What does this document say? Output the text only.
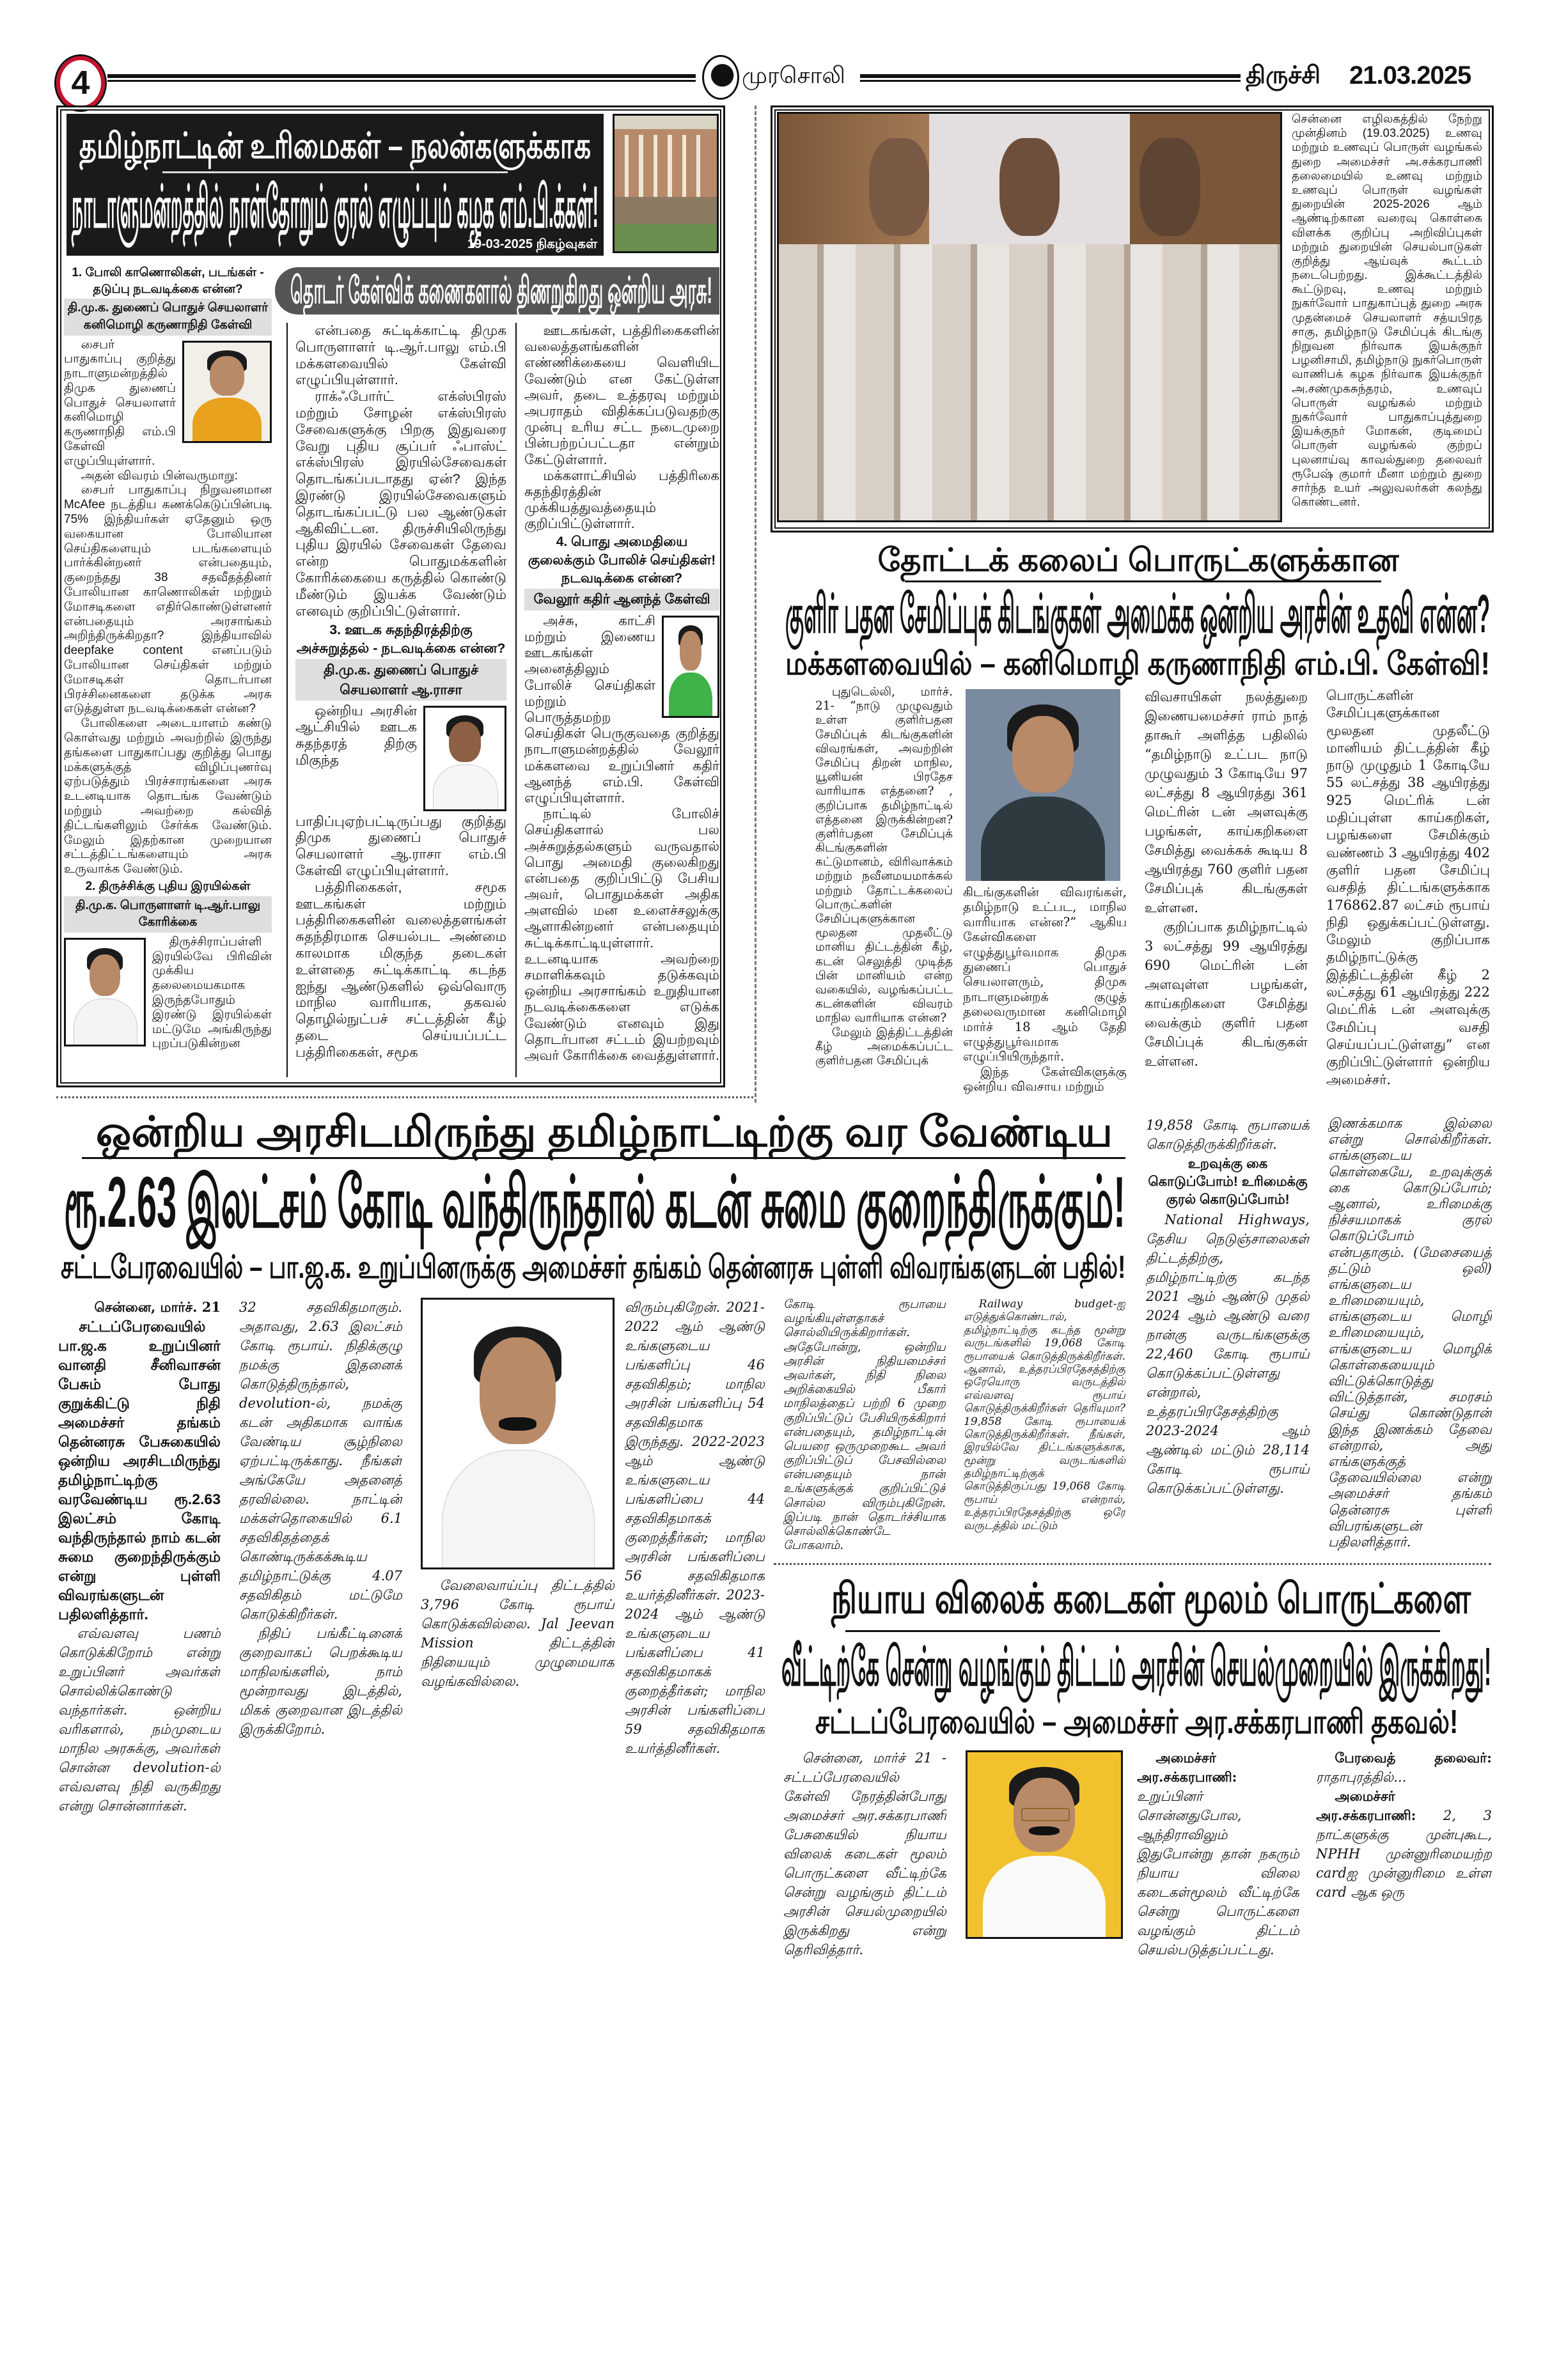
4	முரசொலி	திருச்சி 21.03.2025
தமிழ்நாட்டின் உரிமைகள் – நலன்களுக்காக
நாடாளுமன்றத்தில் நாள்தோறும் குரல் எழுப்பும் கழக எம்.பி.க்கள்!
19-03-2025 நிகழ்வுகள்
தொடர் கேள்விக் கணைகளால் திணறுகிறது ஒன்றிய அரசு!
1. போலி காணொலிகள், படங்கள் - தடுப்பு நடவடிக்கை என்ன?
தி.மு.க. துணைப் பொதுச் செயலாளர் கனிமொழி கருணாநிதி கேள்வி

சைபர் பாதுகாப்பு குறித்து நாடாளுமன்றத்தில் திமுக துணைப் பொதுச் செயலாளர் கனிமொழி கருணாநிதி எம்.பி கேள்வி எழுப்பியுள்ளார்.

அதன் விவரம் பின்வருமாறு:

சைபர் பாதுகாப்பு நிறுவனமான McAfee நடத்திய கணக்கெடுப்பின்படி 75% இந்தியர்கள் ஏதேனும் ஒரு வகையான போலியான செய்திகளையும் படங்களையும் பார்க்கின்றனர் என்பதையும், குறைந்தது 38 சதவீதத்தினர் போலியான காணொலிகள் மற்றும் மோசடிகளை எதிர்கொண்டுள்ளனர் என்பதையும் அரசாங்கம் அறிந்திருக்கிறதா? இந்தியாவில் deepfake content எனப்படும் போலியான செய்திகள் மற்றும் மோசடிகள் தொடர்பான பிரச்சினைகளை தடுக்க அரசு எடுத்துள்ள நடவடிக்கைகள் என்ன?

போலிகளை அடையாளம் கண்டு கொள்வது மற்றும் அவற்றில் இருந்து தங்களை பாதுகாப்பது குறித்து பொது மக்களுக்குத் விழிப்புணர்வு ஏற்படுத்தும் பிரச்சாரங்களை அரசு உடனடியாக தொடங்க வேண்டும் மற்றும் அவற்றை கல்வித் திட்டங்களிலும் சேர்க்க வேண்டும். மேலும் இதற்கான முறையான சட்டத்திட்டங்களையும் அரசு உருவாக்க வேண்டும்.

2. திருச்சிக்கு புதிய இரயில்கள்
தி.மு.க. பொருளாளர் டி.ஆர்.பாலு கோரிக்கை

திருச்சிராப்பள்ளி இரயில்வே பிரிவின் முக்கிய தலைமையகமாக இருந்தபோதும் இரண்டு இரயில்கள் மட்டுமே அங்கிருந்து புறப்படுகின்றன

என்பதை சுட்டிக்காட்டி திமுக பொருளாளர் டி.ஆர்.பாலு எம்.பி மக்களவையில் கேள்வி எழுப்பியுள்ளார்.

ராக்ஃபோர்ட் எக்ஸ்பிரஸ் மற்றும் சோழன் எக்ஸ்பிரஸ் சேவைகளுக்கு பிறகு இதுவரை வேறு புதிய சூப்பர் ஃபாஸ்ட் எக்ஸ்பிரஸ் இரயில்சேவைகள் தொடங்கப்படாதது ஏன்? இந்த இரண்டு இரயில்சேவைகளும் தொடங்கப்பட்டு பல ஆண்டுகள் ஆகிவிட்டன. திருச்சியிலிருந்து புதிய இரயில் சேவைகள் தேவை என்ற பொதுமக்களின் கோரிக்கையை கருத்தில் கொண்டு மீண்டும் இயக்க வேண்டும் எனவும் குறிப்பிட்டுள்ளார்.

3. ஊடக சுதந்திரத்திற்கு அச்சுறுத்தல் - நடவடிக்கை என்ன?
தி.மு.க. துணைப் பொதுச் செயலாளர் ஆ.ராசா

ஒன்றிய அரசின் ஆட்சியில் ஊடக சுதந்தரத் திற்கு மிகுந்த பாதிப்புஏற்பட்டிருப்பது குறித்து திமுக துணைப் பொதுச் செயலாளர் ஆ.ராசா எம்.பி கேள்வி எழுப்பியுள்ளார்.

பத்திரிகைகள், சமூக ஊடகங்கள் மற்றும் பத்திரிகைகளின் வலைத்தளங்கள் சுதந்திரமாக செயல்பட அண்மை காலமாக மிகுந்த தடைகள் உள்ளதை சுட்டிக்காட்டி கடந்த ஐந்து ஆண்டுகளில் ஒவ்வொரு மாநில வாரியாக, தகவல் தொழில்நுட்பச் சட்டத்தின் கீழ் தடை செய்யப்பட்ட பத்திரிகைகள், சமூக

ஊடகங்கள், பத்திரிகைகளின் வலைத்தளங்களின் எண்ணிக்கையை வெளியிட வேண்டும் என கேட்டுள்ள அவர், தடை உத்தரவு மற்றும் அபராதம் விதிக்கப்படுவதற்கு முன்பு உரிய சட்ட நடைமுறை பின்பற்றப்பட்டதா என்றும் கேட்டுள்ளார்.

மக்களாட்சியில் பத்திரிகை சுதந்திரத்தின் முக்கியத்துவத்தையும் குறிப்பிட்டுள்ளார்.

4. பொது அமைதியை குலைக்கும் போலிச் செய்திகள்! நடவடிக்கை என்ன?
வேலூர் கதிர் ஆனந்த் கேள்வி

அச்சு, காட்சி மற்றும் இணைய ஊடகங்கள் அனைத்திலும் போலிச் செய்திகள் மற்றும் பொருத்தமற்ற செய்திகள் பெருகுவதை குறித்து நாடாளுமன்றத்தில் வேலூர் மக்களவை உறுப்பினர் கதிர் ஆனந்த் எம்.பி. கேள்வி எழுப்பியுள்ளார்.

நாட்டில் போலிச் செய்திகளால் பல அச்சுறுத்தல்களும் வருவதால் பொது அமைதி குலைகிறது என்பதை குறிப்பிட்டு பேசிய அவர், பொதுமக்கள் அதிக அளவில் மன உளைச்சலுக்கு ஆளாகின்றனர் என்பதையும் சுட்டிக்காட்டியுள்ளார். உடனடியாக அவற்றை சமாளிக்கவும் தடுக்கவும் ஒன்றிய அரசாங்கம் உறுதியான நடவடிக்கைகளை எடுக்க வேண்டும் எனவும் இது தொடர்பான சட்டம் இயற்றவும் அவர் கோரிக்கை வைத்துள்ளார்.

சென்னை எழிலகத்தில் நேற்று முன்தினம் (19.03.2025) உணவு மற்றும் உணவுப் பொருள் வழங்கல் துறை அமைச்சர் அ.சக்கரபாணி தலைமையில் உணவு மற்றும் உணவுப் பொருள் வழங்கள் துறையின் 2025-2026 ஆம் ஆண்டிற்கான வரைவு கொள்கை விளக்க குறிப்பு அறிவிப்புகள் மற்றும் துறையின் செயல்பாடுகள் குறித்து ஆய்வுக் கூட்டம் நடைபெற்றது. இக்கூட்டத்தில் கூட்டுறவு, உணவு மற்றும் நுகர்வோர் பாதுகாப்புத் துறை அரசு முதன்மைச் செயலாளர் சத்யபிரத சாகு, தமிழ்நாடு சேமிப்புக் கிடங்கு நிறுவன நிர்வாக இயக்குநர் பழனிசாமி, தமிழ்நாடு நுகர்பொருள் வாணிபக் கழக நிர்வாக இயக்குநர் அ.சண்முகசுந்தரம், உணவுப் பொருள் வழங்கல் மற்றும் நுகர்வோர் பாதுகாப்புத்துறை இயக்குநர் மோகன், குடிமைப் பொருள் வழங்கல் குற்றப் புலனாய்வு காவல்துறை தலைவர் ரூபேஷ் குமார் மீனா மற்றும் துறை சார்ந்த உயர் அலுவலர்கள் கலந்து கொண்டனர்.

தோட்டக் கலைப் பொருட்களுக்கான
குளிர் பதன சேமிப்புக் கிடங்குகள் அமைக்க ஒன்றிய அரசின் உதவி என்ன?
மக்களவையில் – கனிமொழி கருணாநிதி எம்.பி. கேள்வி!

புதுடெல்லி, மார்ச். 21- “நாடு முழுவதும் உள்ள குளிர்பதன சேமிப்புக் கிடங்குகளின் விவரங்கள், அவற்றின் சேமிப்பு திறன் மாநில, யூனியன் பிரதேச வாரியாக எத்தனை? , குறிப்பாக தமிழ்நாட்டில் எத்தனை இருக்கின்றன? குளிர்பதன சேமிப்புக் கிடங்குகளின் கட்டுமானம், விரிவாக்கம் மற்றும் நவீனமயமாக்கல் மற்றும் தோட்டக்கலைப் பொருட்களின் சேமிப்புகளுக்கான மூலதன முதலீட்டு மானிய திட்டத்தின் கீழ், கடன் செலுத்தி முடித்த பின் மானியம் என்ற வகையில், வழங்கப்பட்ட கடன்களின் விவரம் மாநில வாரியாக என்ன?

மேலும் இத்திட்டத்தின் கீழ் அமைக்கப்பட்ட குளிர்பதன சேமிப்புக்

கிடங்குகளின் விவரங்கள், தமிழ்நாடு உட்பட, மாநில வாரியாக என்ன?” ஆகிய கேள்விகளை எழுத்துபூர்வமாக திமுக துணைப் பொதுச் செயலாளரும், திமுக நாடாளுமன்றக் குழுத் தலைவருமான கனிமொழி மார்ச் 18 ஆம் தேதி எழுத்துபூர்வமாக எழுப்பியிருந்தார்.

இந்த கேள்விகளுக்கு ஒன்றிய விவசாய மற்றும்

விவசாயிகள் நலத்துறை இணையமைச்சர் ராம் நாத் தாகூர் அளித்த பதிலில் “தமிழ்நாடு உட்பட நாடு முழுவதும் 3 கோடியே 97 லட்சத்து 8 ஆயிரத்து 361 மெட்ரின் டன் அளவுக்கு பழங்கள், காய்கறிகளை சேமித்து வைக்கக் கூடிய 8 ஆயிரத்து 760 குளிர் பதன சேமிப்புக் கிடங்குகள் உள்ளன.

குறிப்பாக தமிழ்நாட்டில் 3 லட்சத்து 99 ஆயிரத்து 690 மெட்ரின் டன் அளவுள்ள பழங்கள், காய்கறிகளை சேமித்து வைக்கும் குளிர் பதன சேமிப்புக் கிடங்குகள் உள்ளன.

பொருட்களின் சேமிப்புகளுக்கான மூலதன முதலீட்டு மானியம் திட்டத்தின் கீழ் நாடு முழுதும் 1 கோடியே 55 லட்சத்து 38 ஆயிரத்து 925 மெட்ரிக் டன் மதிப்புள்ள காய்கறிகள், பழங்களை சேமிக்கும் வண்ணம் 3 ஆயிரத்து 402 குளிர் பதன சேமிப்பு வசதித் திட்டங்களுக்காக 176862.87 லட்சம் ரூபாய் நிதி ஒதுக்கப்பட்டுள்ளது. மேலும் குறிப்பாக தமிழ்நாட்டுக்கு இத்திட்டத்தின் கீழ் 2 லட்சத்து 61 ஆயிரத்து 222 மெட்ரிக் டன் அளவுக்கு சேமிப்பு வசதி செய்யப்பட்டுள்ளது” என குறிப்பிட்டுள்ளார் ஒன்றிய அமைச்சர்.

ஒன்றிய அரசிடமிருந்து தமிழ்நாட்டிற்கு வர வேண்டிய
ரூ.2.63 இலட்சம் கோடி வந்திருந்தால் கடன் சுமை குறைந்திருக்கும்!
சட்டபேரவையில் – பா.ஜ.க. உறுப்பினருக்கு அமைச்சர் தங்கம் தென்னரசு புள்ளி விவரங்களுடன் பதில்!
சென்னை, மார்ச். 21

சட்டப்பேரவையில் பா.ஜ.க உறுப்பினர் வானதி சீனிவாசன் பேசும் போது குறுக்கிட்டு நிதி அமைச்சர் தங்கம் தென்னரசு பேசுகையில் ஒன்றிய அரசிடமிருந்து தமிழ்நாட்டிற்கு வரவேண்டிய ரூ.2.63 இலட்சம் கோடி வந்திருந்தால் நாம் கடன் சுமை குறைந்திருக்கும் என்று புள்ளி விவரங்களுடன் பதிலளித்தார்.

எவ்வளவு பணம் கொடுக்கிறோம் என்று உறுப்பினர் அவர்கள் சொல்லிக்கொண்டு வந்தார்கள். ஒன்றிய வரிகளால், நம்முடைய மாநில அரசுக்கு, அவர்கள் சொன்ன devolution-ல் எவ்வளவு நிதி வருகிறது என்று சொன்னார்கள்.

32 சதவிகிதமாகும். அதாவது, 2.63 இலட்சம் கோடி ரூபாய். நிதிக்குழு நமக்கு இதனைக் கொடுத்திருந்தால், devolution-ல், நமக்கு கடன் அதிகமாக வாங்க வேண்டிய சூழ்நிலை ஏற்பட்டிருக்காது. நீங்கள் அங்கேயே அதனைத் தரவில்லை. நாட்டின் மக்கள்தொகையில் 6.1 சதவிகிதத்தைக் கொண்டிருக்கக்கூடிய தமிழ்நாட்டுக்கு 4.07 சதவிகிதம் மட்டுமே கொடுக்கிறீர்கள்.

நிதிப் பங்கீட்டினைக் குறைவாகப் பெறக்கூடிய மாநிலங்களில், நாம் மூன்றாவது இடத்தில், மிகக் குறைவான இடத்தில் இருக்கிறோம்.

வேலைவாய்ப்பு திட்டத்தில் 3,796 கோடி ரூபாய் கொடுக்கவில்லை. Jal Jeevan Mission திட்டத்தின் நிதியையும் முழுமையாக வழங்கவில்லை.

விரும்புகிறேன். 2021-2022 ஆம் ஆண்டு உங்களுடைய பங்களிப்பு 46 சதவிகிதம்; மாநில அரசின் பங்களிப்பு 54 சதவிகிதமாக இருந்தது. 2022-2023 ஆம் ஆண்டு உங்களுடைய பங்களிப்பை 44 சதவிகிதமாகக் குறைத்தீர்கள்; மாநில அரசின் பங்களிப்பை 56 சதவிகிதமாக உயர்த்தினீர்கள். 2023-2024 ஆம் ஆண்டு உங்களுடைய பங்களிப்பை 41 சதவிகிதமாகக் குறைத்தீர்கள்; மாநில அரசின் பங்களிப்பை 59 சதவிகிதமாக உயர்த்தினீர்கள்.

கோடி ரூபாயை வழங்கியுள்ளதாகச் சொல்லியிருக்கிறார்கள். அதேபோன்று, ஒன்றிய அரசின் நிதியமைச்சர் அவர்கள், நிதி நிலை அறிக்கையில் பீகார் மாநிலத்தைப் பற்றி 6 முறை குறிப்பிட்டுப் பேசியிருக்கிறார் என்பதையும், தமிழ்நாட்டின் பெயரை ஒருமுறைகூட அவர் குறிப்பிட்டுப் பேசவில்லை என்பதையும் நான் உங்களுக்குக் குறிப்பிட்டுச் சொல்ல விரும்புகிறேன். இப்படி நான் தொடர்ச்சியாக சொல்லிக்கொண்டே போகலாம்.

Railway budget-ஐ எடுத்துக்கொண்டால், தமிழ்நாட்டிற்கு கடந்த மூன்று வருடங்களில் 19,068 கோடி ரூபாயைக் கொடுத்திருக்கிறீர்கள். ஆனால், உத்தரப்பிரதேசத்திற்கு ஒரேயொரு வருடத்தில் எவ்வளவு ரூபாய் கொடுத்திருக்கிறீர்கள் தெரியுமா? 19,858 கோடி ரூபாயைக் கொடுத்திருக்கிறீர்கள். நீங்கள், இரயில்வே திட்டங்களுக்காக, மூன்று வருடங்களில் தமிழ்நாட்டிற்குக் கொடுத்திருப்பது 19,068 கோடி ரூபாய் என்றால், உத்தரப்பிரதேசத்திற்கு ஒரே வருடத்தில் மட்டும்

19,858 கோடி ரூபாயைக் கொடுத்திருக்கிறீர்கள்.

உறவுக்கு கை கொடுப்போம்! உரிமைக்கு குரல் கொடுப்போம்!

National Highways, தேசிய நெடுஞ்சாலைகள் திட்டத்திற்கு, தமிழ்நாட்டிற்கு கடந்த 2021 ஆம் ஆண்டு முதல் 2024 ஆம் ஆண்டு வரை நான்கு வருடங்களுக்கு 22,460 கோடி ரூபாய் கொடுக்கப்பட்டுள்ளது என்றால், உத்தரப்பிரதேசத்திற்கு 2023-2024 ஆம் ஆண்டில் மட்டும் 28,114 கோடி ரூபாய் கொடுக்கப்பட்டுள்ளது.

இணக்கமாக இல்லை என்று சொல்கிறீர்கள். எங்களுடைய கொள்கையே, உறவுக்குக் கை கொடுப்போம்; ஆனால், உரிமைக்கு நிச்சயமாகக் குரல் கொடுப்போம் என்பதாகும். (மேசையைத் தட்டும் ஒலி) எங்களுடைய உரிமையையும், எங்களுடைய மொழி உரிமையையும், எங்களுடைய மொழிக் கொள்கையையும் விட்டுக்கொடுத்து விட்டுத்தான், சமரசம் செய்து கொண்டுதான் இந்த இணக்கம் தேவை என்றால், அது எங்களுக்குத் தேவையில்லை என்று அமைச்சர் தங்கம் தென்னரசு புள்ளி விபரங்களுடன் பதிலளித்தார்.

நியாய விலைக் கடைகள் மூலம் பொருட்களை
வீட்டிற்கே சென்று வழங்கும் திட்டம் அரசின் செயல்முறையில் இருக்கிறது!
சட்டப்பேரவையில் – அமைச்சர் அர.சக்கரபாணி தகவல்!

சென்னை, மார்ச் 21 - சட்டப்பேரவையில் கேள்வி நேரத்தின்போது அமைச்சர் அர.சக்கரபாணி பேசுகையில் நியாய விலைக் கடைகள் மூலம் பொருட்களை வீட்டிற்கே சென்று வழங்கும் திட்டம் அரசின் செயல்முறையில் இருக்கிறது என்று தெரிவித்தார்.

அமைச்சர் அர.சக்கரபாணி: உறுப்பினர் சொன்னதுபோல, ஆந்திராவிலும் இதுபோன்று தான் நகரும் நியாய விலை கடைகள்மூலம் வீட்டிற்கே சென்று பொருட்களை வழங்கும் திட்டம் செயல்படுத்தப்பட்டது.

பேரவைத் தலைவர்: ராதாபுரத்தில்...

அமைச்சர் அர.சக்கரபாணி: 2, 3 நாட்களுக்கு முன்புகூட, NPHH முன்னுரிமையற்ற cardஐ முன்னுரிமை உள்ள card ஆக ஒரு
